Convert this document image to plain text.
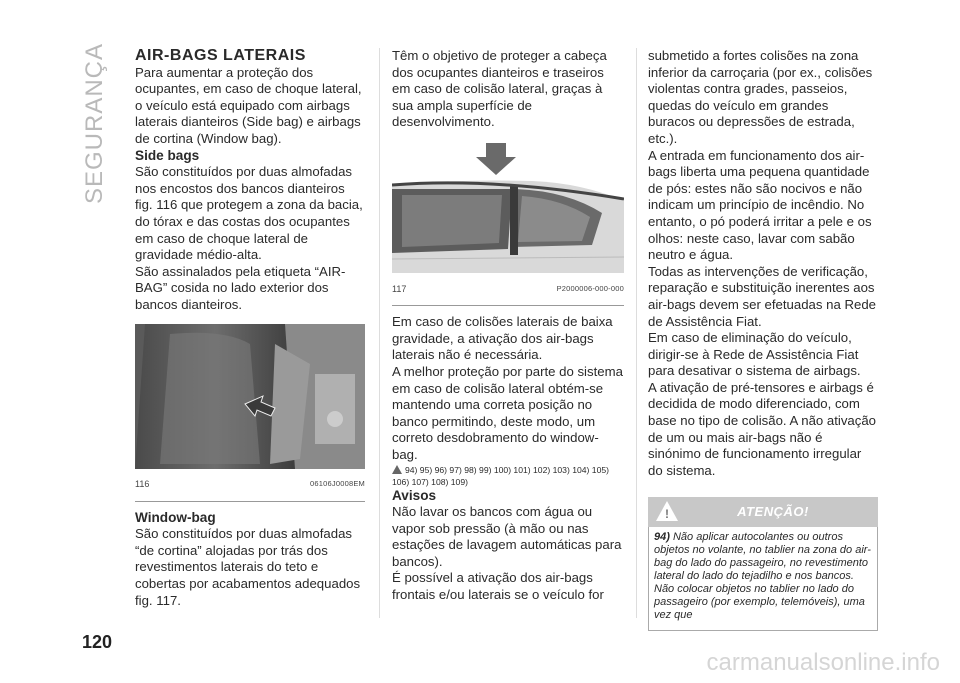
SEGURANÇA
120

AIR-BAGS LATERAIS

Para aumentar a proteção dos ocupantes, em caso de choque lateral, o veículo está equipado com airbags laterais dianteiros (Side bag) e airbags de cortina (Window bag).

Side bags

São constituídos por duas almofadas nos encostos dos bancos dianteiros fig. 116 que protegem a zona da bacia, do tórax e das costas dos ocupantes em caso de choque lateral de gravidade médio-alta.

São assinalados pela etiqueta “AIR-BAG” cosida no lado exterior dos bancos dianteiros.

116	06106J0008EM

Window-bag

São constituídos por duas almofadas “de cortina” alojadas por trás dos revestimentos laterais do teto e cobertas por acabamentos adequados fig. 117.

Têm o objetivo de proteger a cabeça dos ocupantes dianteiros e traseiros em caso de colisão lateral, graças à sua ampla superfície de desenvolvimento.

117	P2000006-000-000

Em caso de colisões laterais de baixa gravidade, a ativação dos air-bags laterais não é necessária.

A melhor proteção por parte do sistema em caso de colisão lateral obtém-se mantendo uma correta posição no banco permitindo, deste modo, um correto desdobramento do window-bag.

94) 95) 96) 97) 98) 99) 100) 101) 102) 103) 104) 105) 106) 107) 108) 109)

Avisos

Não lavar os bancos com água ou vapor sob pressão (à mão ou nas estações de lavagem automáticas para bancos).

É possível a ativação dos air-bags frontais e/ou laterais se o veículo for

submetido a fortes colisões na zona inferior da carroçaria (por ex., colisões violentas contra grades, passeios, quedas do veículo em grandes buracos ou depressões de estrada, etc.).

A entrada em funcionamento dos air-bags liberta uma pequena quantidade de pós: estes não são nocivos e não indicam um princípio de incêndio. No entanto, o pó poderá irritar a pele e os olhos: neste caso, lavar com sabão neutro e água.

Todas as intervenções de verificação, reparação e substituição inerentes aos air-bags devem ser efetuadas na Rede de Assistência Fiat.

Em caso de eliminação do veículo, dirigir-se à Rede de Assistência Fiat para desativar o sistema de airbags.

A ativação de pré-tensores e airbags é decidida de modo diferenciado, com base no tipo de colisão. A não ativação de um ou mais air-bags não é sinónimo de funcionamento irregular do sistema.

!
ATENÇÃO!
94) Não aplicar autocolantes ou outros objetos no volante, no tablier na zona do air-bag do lado do passageiro, no revestimento lateral do lado do tejadilho e nos bancos. Não colocar objetos no tablier no lado do passageiro (por exemplo, telemóveis), uma vez que
carmanualsonline.info
